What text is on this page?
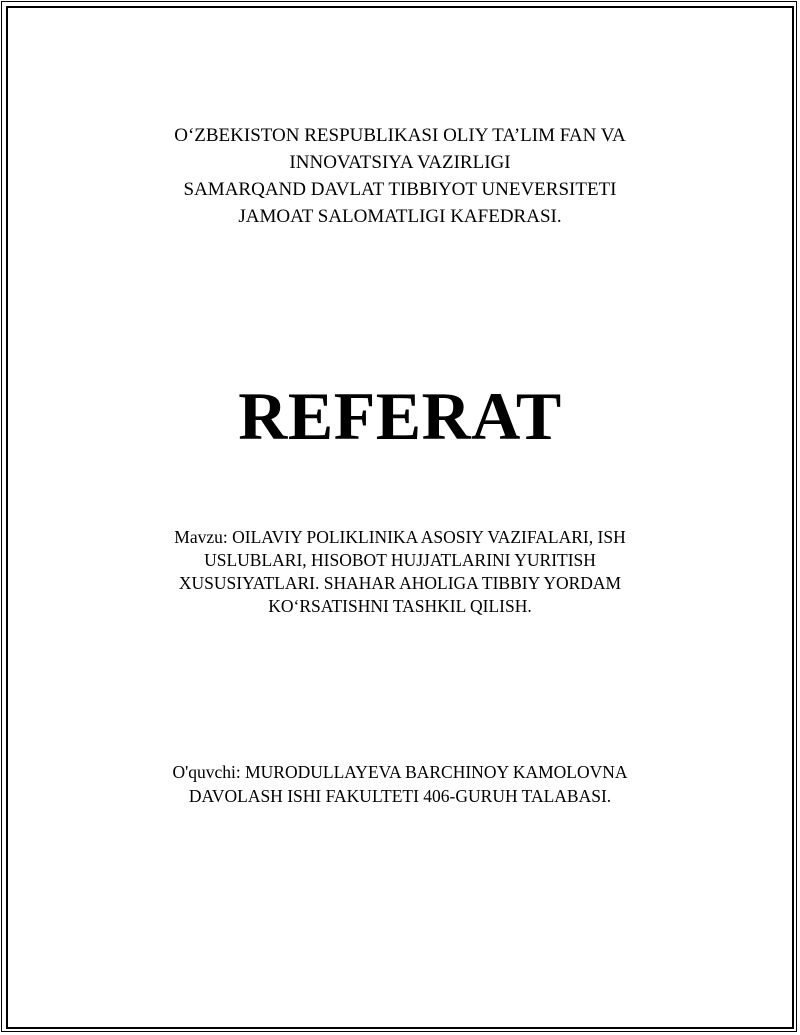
O‘ZBEKISTON RESPUBLIKASI OLIY TA’LIM FAN VA
INNOVATSIYA VAZIRLIGI
SAMARQAND DAVLAT TIBBIYOT UNEVERSITETI
JAMOAT SALOMATLIGI KAFEDRASI.
REFERAT
Mavzu: OILAVIY POLIKLINIKA ASOSIY VAZIFALARI, ISH
USLUBLARI, HISOBOT HUJJATLARINI YURITISH
XUSUSIYATLARI. SHAHAR AHOLIGA TIBBIY YORDAM
KO‘RSATISHNI TASHKIL QILISH.
O'quvchi: MURODULLAYEVA BARCHINOY KAMOLOVNA
DAVOLASH ISHI FAKULTETI 406-GURUH TALABASI.
